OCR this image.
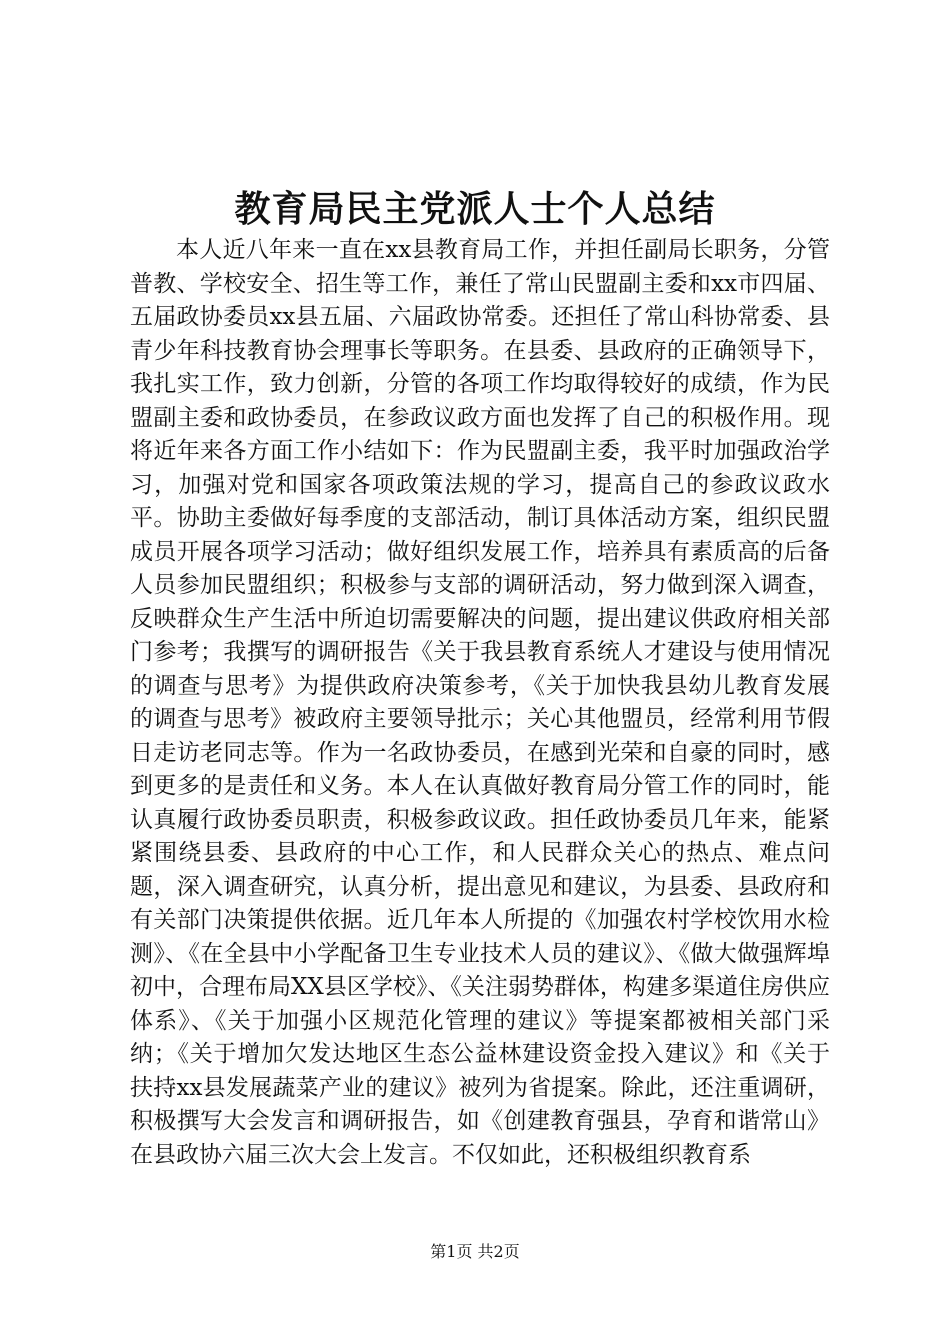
教育局民主党派人士个人总结

本人近八年来一直在xx县教育局工作，并担任副局长职务，分管普教、学校安全、招生等工作，兼任了常山民盟副主委和xx市四届、五届政协委员xx县五届、六届政协常委。还担任了常山科协常委、县青少年科技教育协会理事长等职务。在县委、县政府的正确领导下，我扎实工作，致力创新，分管的各项工作均取得较好的成绩，作为民盟副主委和政协委员，在参政议政方面也发挥了自己的积极作用。现将近年来各方面工作小结如下：作为民盟副主委，我平时加强政治学习，加强对党和国家各项政策法规的学习，提高自己的参政议政水平。协助主委做好每季度的支部活动，制订具体活动方案，组织民盟成员开展各项学习活动；做好组织发展工作，培养具有素质高的后备人员参加民盟组织；积极参与支部的调研活动，努力做到深入调查，反映群众生产生活中所迫切需要解决的问题，提出建议供政府相关部门参考；我撰写的调研报告《关于我县教育系统人才建设与使用情况的调查与思考》为提供政府决策参考，《关于加快我县幼儿教育发展的调查与思考》被政府主要领导批示；关心其他盟员，经常利用节假日走访老同志等。作为一名政协委员，在感到光荣和自豪的同时，感到更多的是责任和义务。本人在认真做好教育局分管工作的同时，能认真履行政协委员职责，积极参政议政。担任政协委员几年来，能紧紧围绕县委、县政府的中心工作，和人民群众关心的热点、难点问题，深入调查研究，认真分析，提出意见和建议，为县委、县政府和有关部门决策提供依据。近几年本人所提的《加强农村学校饮用水检测》、《在全县中小学配备卫生专业技术人员的建议》、《做大做强辉埠初中，合理布局XX县区学校》、《关注弱势群体，构建多渠道住房供应体系》、《关于加强小区规范化管理的建议》等提案都被相关部门采纳；《关于增加欠发达地区生态公益林建设资金投入建议》和《关于扶持xx县发展蔬菜产业的建议》被列为省提案。除此，还注重调研，积极撰写大会发言和调研报告，如《创建教育强县，孕育和谐常山》在县政协六届三次大会上发言。不仅如此，还积极组织教育系

第1页 共2页
